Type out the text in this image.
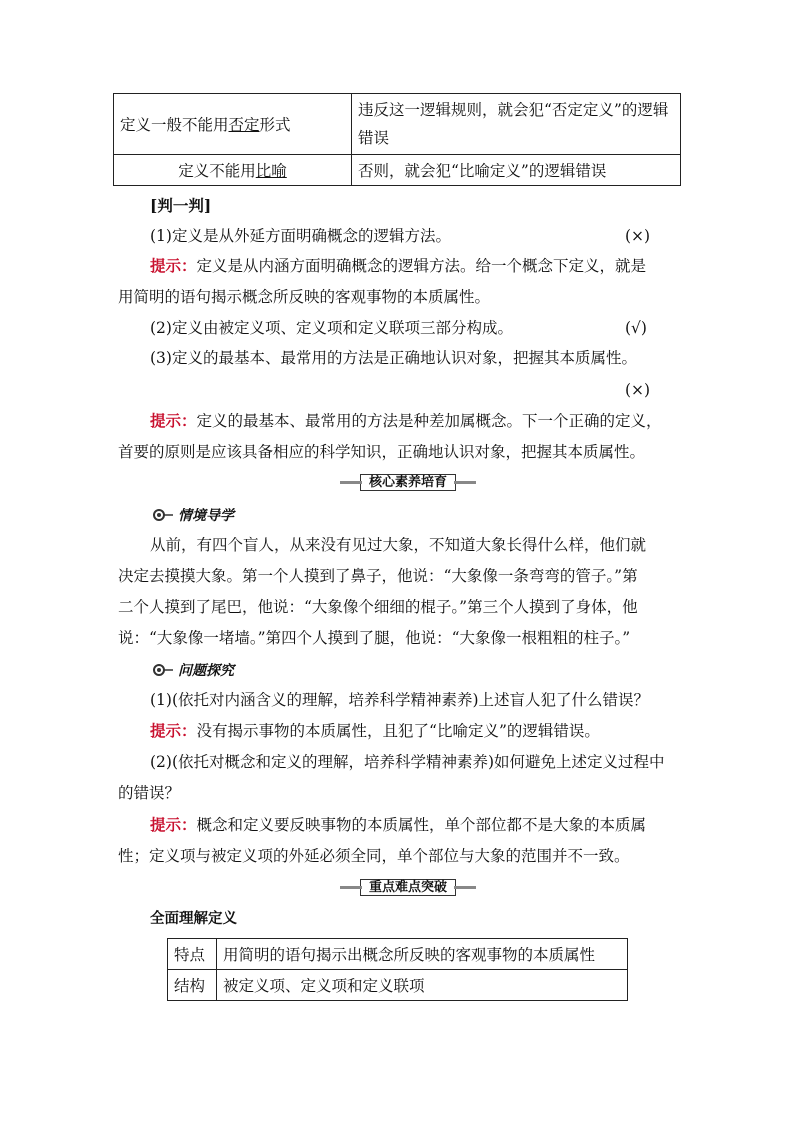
定义一般不能用否定形式	违反这一逻辑规则，就会犯“否定定义”的逻辑错误
定义不能用比喻	否则，就会犯“比喻定义”的逻辑错误
[判一判]
(1)定义是从外延方面明确概念的逻辑方法。	(×)
提示：定义是从内涵方面明确概念的逻辑方法。给一个概念下定义，就是
用简明的语句揭示概念所反映的客观事物的本质属性。
(2)定义由被定义项、定义项和定义联项三部分构成。	(√)
(3)定义的最基本、最常用的方法是正确地认识对象，把握其本质属性。
(×)
提示：定义的最基本、最常用的方法是种差加属概念。下一个正确的定义，
首要的原则是应该具备相应的科学知识，正确地认识对象，把握其本质属性。
核心素养培育
情境导学
从前，有四个盲人，从来没有见过大象，不知道大象长得什么样，他们就
决定去摸摸大象。第一个人摸到了鼻子，他说：“大象像一条弯弯的管子。”第
二个人摸到了尾巴，他说：“大象像个细细的棍子。”第三个人摸到了身体，他
说：“大象像一堵墙。”第四个人摸到了腿，他说：“大象像一根粗粗的柱子。”
问题探究
(1)(依托对内涵含义的理解，培养科学精神素养)上述盲人犯了什么错误？
提示：没有揭示事物的本质属性，且犯了“比喻定义”的逻辑错误。
(2)(依托对概念和定义的理解，培养科学精神素养)如何避免上述定义过程中
的错误？
提示：概念和定义要反映事物的本质属性，单个部位都不是大象的本质属
性；定义项与被定义项的外延必须全同，单个部位与大象的范围并不一致。
重点难点突破
全面理解定义
特点	用简明的语句揭示出概念所反映的客观事物的本质属性
结构	被定义项、定义项和定义联项
